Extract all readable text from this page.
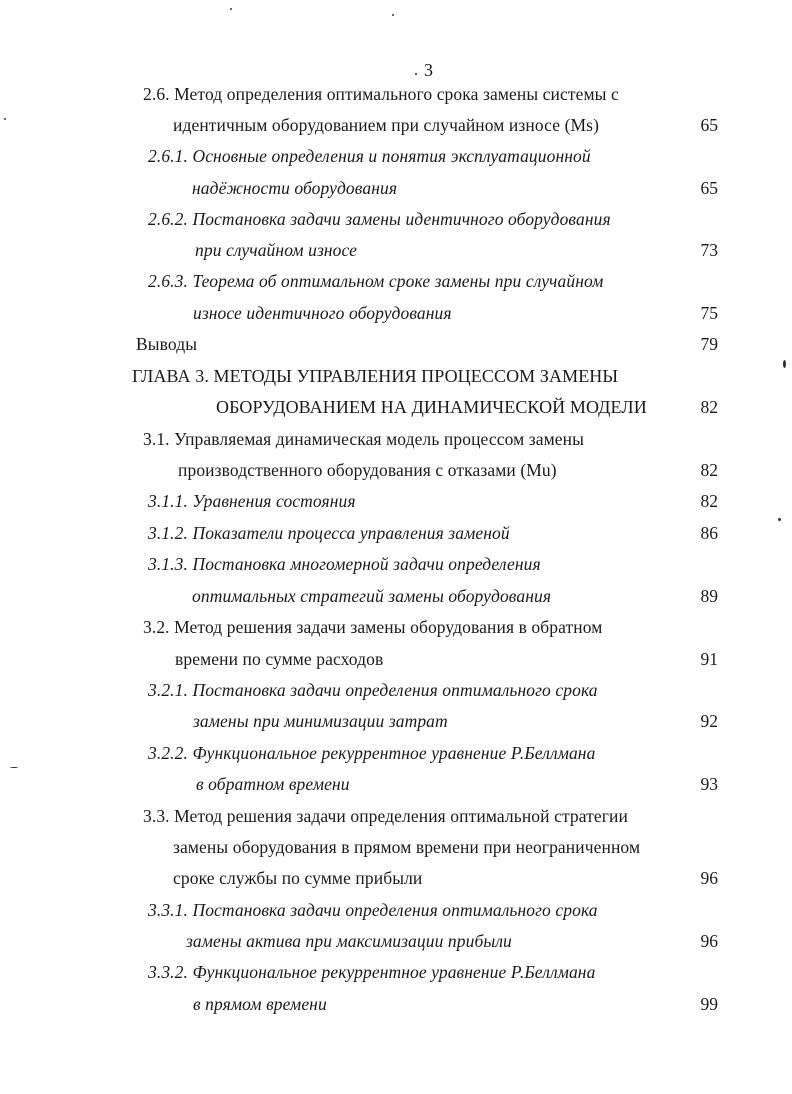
3
2.6. Метод определения оптимального срока замены системы с
идентичным оборудованием при случайном износе (Ms)	65
2.6.1. Основные определения и понятия эксплуатационной
надёжности оборудования	65
2.6.2. Постановка задачи замены идентичного оборудования
при случайном износе	73
2.6.3. Теорема об оптимальном сроке замены при случайном
износе идентичного оборудования	75
Выводы	79
ГЛАВА 3. МЕТОДЫ УПРАВЛЕНИЯ ПРОЦЕССОМ ЗАМЕНЫ
ОБОРУДОВАНИЕМ НА ДИНАМИЧЕСКОЙ МОДЕЛИ	82
3.1. Управляемая динамическая модель процессом замены
производственного оборудования с отказами (Mu)	82
3.1.1. Уравнения состояния	82
3.1.2. Показатели процесса управления заменой	86
3.1.3. Постановка многомерной задачи определения
оптимальных стратегий замены оборудования	89
3.2. Метод решения задачи замены оборудования в обратном
времени по сумме расходов	91
3.2.1. Постановка задачи определения оптимального срока
замены при минимизации затрат	92
3.2.2. Функциональное рекуррентное уравнение Р.Беллмана
в обратном времени	93
3.3. Метод решения задачи определения оптимальной стратегии
замены оборудования в прямом времени при неограниченном
сроке службы по сумме прибыли	96
3.3.1. Постановка задачи определения оптимального срока
замены актива при максимизации прибыли	96
3.3.2. Функциональное рекуррентное уравнение Р.Беллмана
в прямом времени	99
